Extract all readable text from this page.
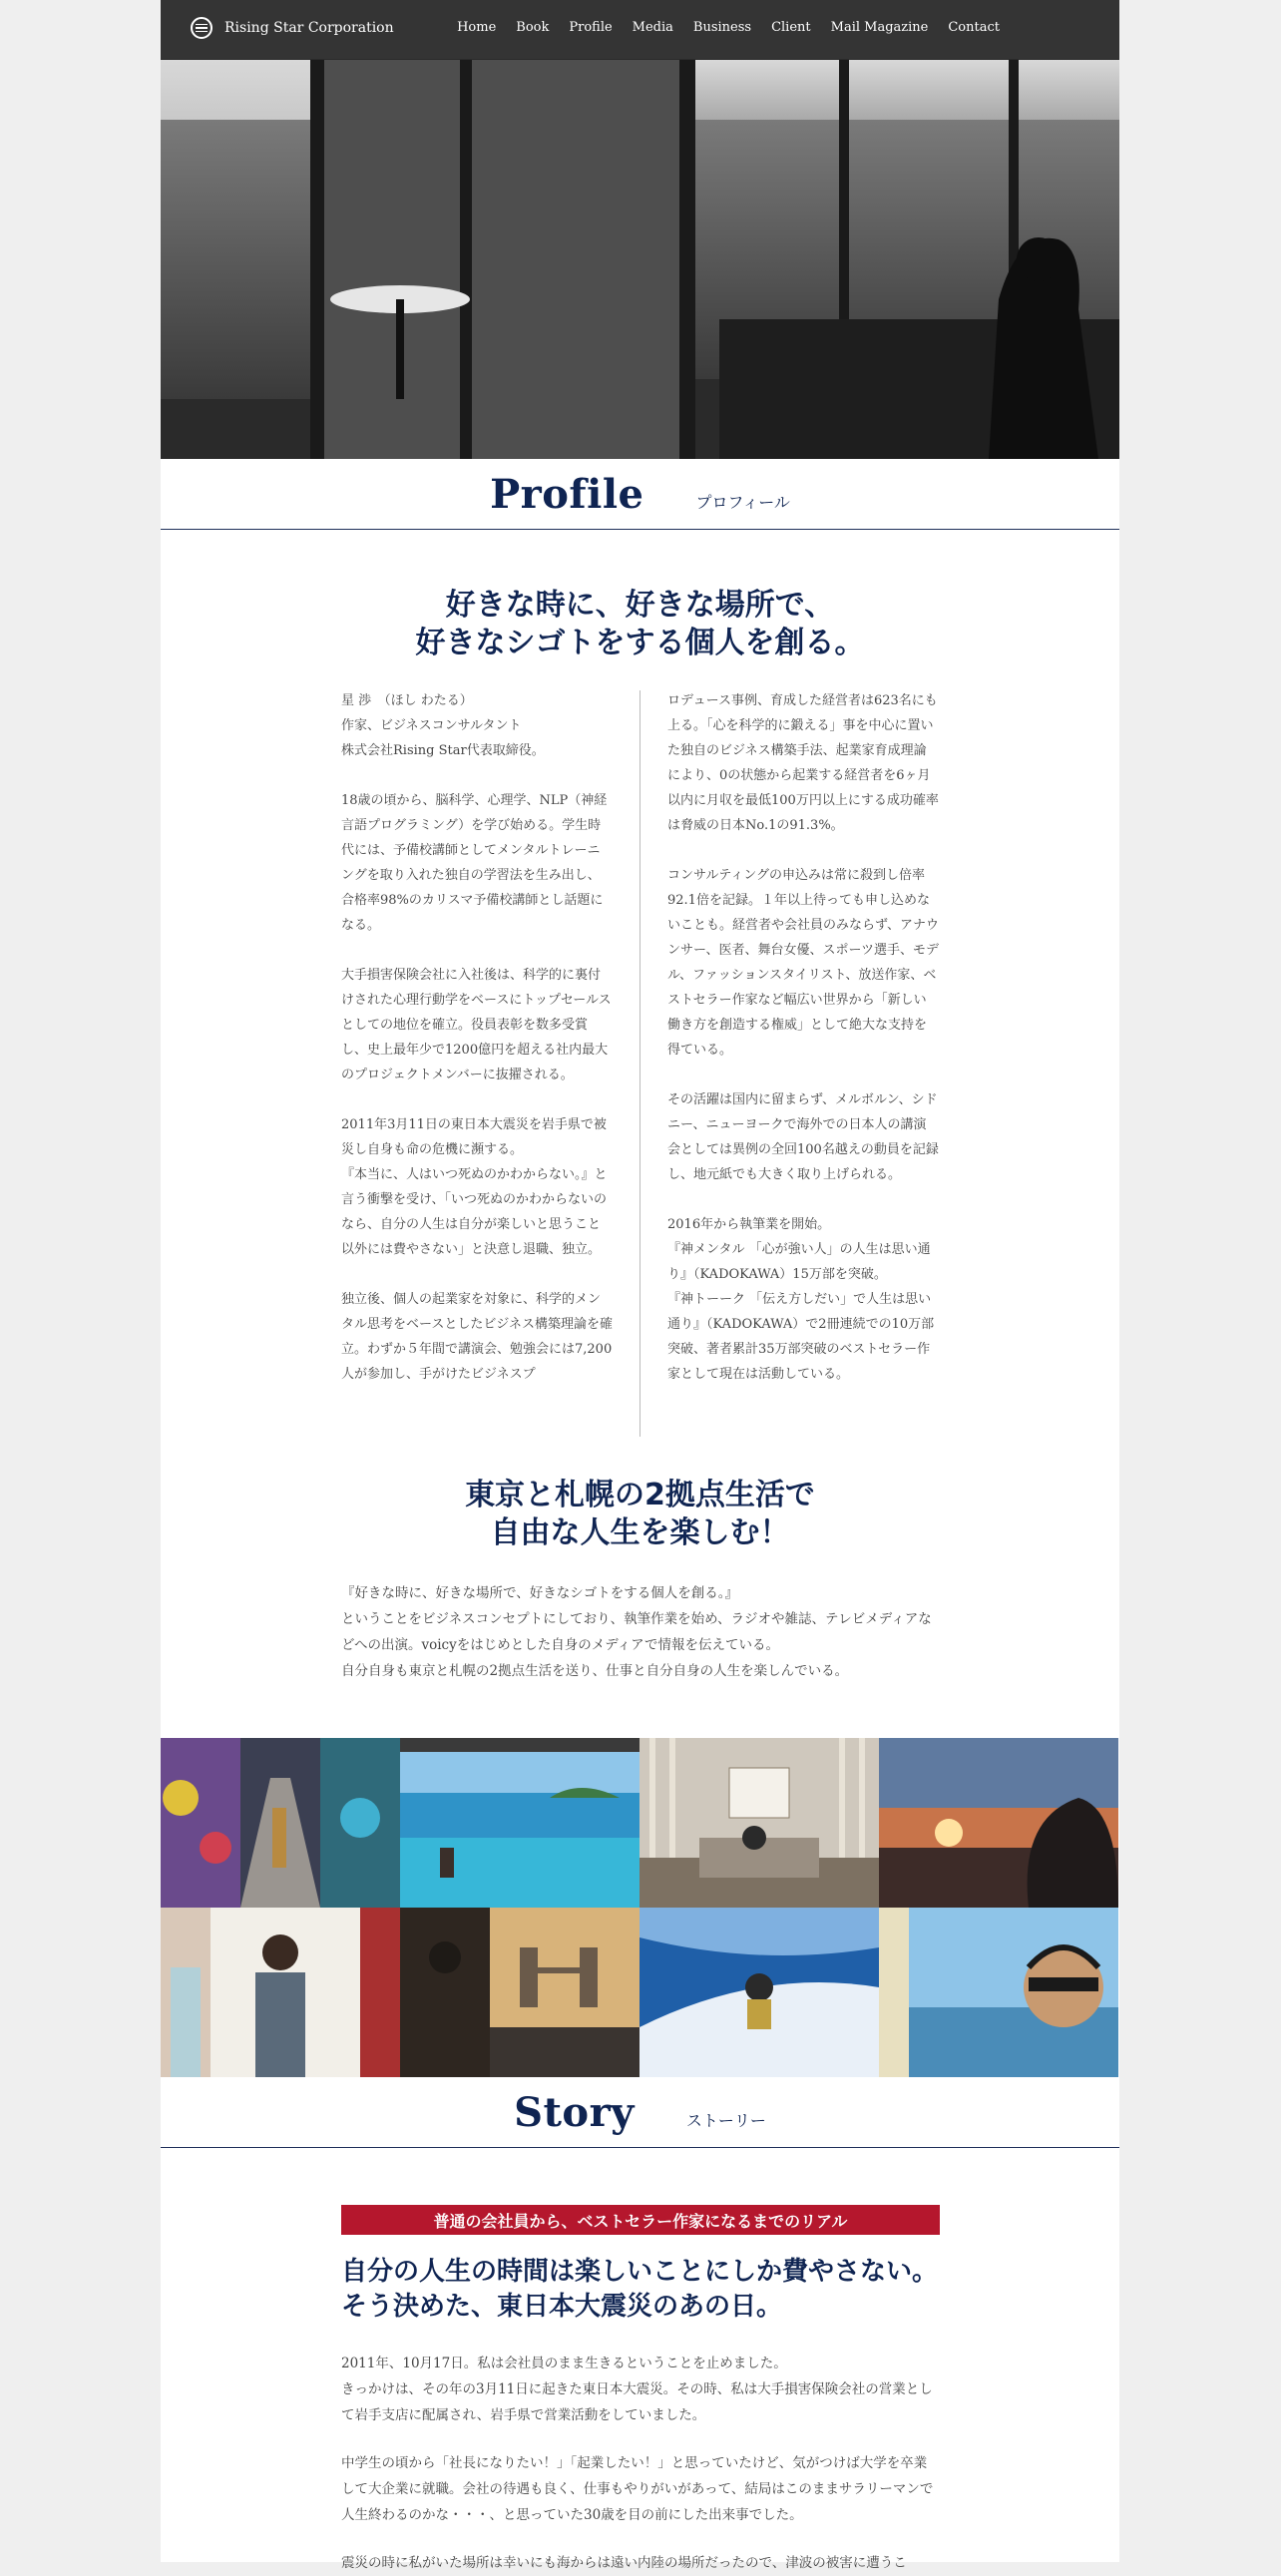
Rising Star Corporation	Home Book Profile Media Business Client Mail Magazine Contact
Profile	プロフィール
好きな時に、好きな場所で、
好きなシゴトをする個人を創る。

星 渉　（ほし わたる）
作家、ビジネスコンサルタント
株式会社Rising Star代表取締役。

18歳の頃から、脳科学、心理学、NLP（神経言語プログラミング）を学び始める。学生時代には、予備校講師としてメンタルトレーニングを取り入れた独自の学習法を生み出し、合格率98%のカリスマ予備校講師とし話題になる。

大手損害保険会社に入社後は、科学的に裏付けされた心理行動学をベースにトップセールスとしての地位を確立。役員表彰を数多受賞し、史上最年少で1200億円を超える社内最大のプロジェクトメンバーに抜擢される。

2011年3月11日の東日本大震災を岩手県で被災し自身も命の危機に瀕する。
『本当に、人はいつ死ぬのかわからない。』と言う衝撃を受け、「いつ死ぬのかわからないのなら、自分の人生は自分が楽しいと思うこと以外には費やさない」と決意し退職、独立。

独立後、個人の起業家を対象に、科学的メンタル思考をベースとしたビジネス構築理論を確立。わずか５年間で講演会、勉強会には7,200人が参加し、手がけたビジネスプ

ロデュース事例、育成した経営者は623名にも上る。「心を科学的に鍛える」事を中心に置いた独自のビジネス構築手法、起業家育成理論により、0の状態から起業する経営者を6ヶ月以内に月収を最低100万円以上にする成功確率は脅威の日本No.1の91.3%。

コンサルティングの申込みは常に殺到し倍率92.1倍を記録。１年以上待っても申し込めないことも。経営者や会社員のみならず、アナウンサー、医者、舞台女優、スポーツ選手、モデル、ファッションスタイリスト、放送作家、ベストセラー作家など幅広い世界から「新しい働き方を創造する権威」として絶大な支持を得ている。

その活躍は国内に留まらず、メルボルン、シドニー、ニューヨークで海外での日本人の講演会としては異例の全回100名越えの動員を記録し、地元紙でも大きく取り上げられる。

2016年から執筆業を開始。
『神メンタル 「心が強い人」の人生は思い通り』（KADOKAWA）15万部を突破。
『神トーーク 「伝え方しだい」で人生は思い通り』（KADOKAWA）で2冊連続での10万部突破、著者累計35万部突破のベストセラー作家として現在は活動している。

東京と札幌の2拠点生活で
自由な人生を楽しむ！
『好きな時に、好きな場所で、好きなシゴトをする個人を創る。』
ということをビジネスコンセプトにしており、執筆作業を始め、ラジオや雑誌、テレビメディアなどへの出演。voicyをはじめとした自身のメディアで情報を伝えている。
自分自身も東京と札幌の2拠点生活を送り、仕事と自分自身の人生を楽しんでいる。
Story	ストーリー
普通の会社員から、ベストセラー作家になるまでのリアル
自分の人生の時間は楽しいことにしか費やさない。
そう決めた、東日本大震災のあの日。
2011年、10月17日。私は会社員のまま生きるということを止めました。
きっかけは、その年の3月11日に起きた東日本大震災。その時、私は大手損害保険会社の営業として岩手支店に配属され、岩手県で営業活動をしていました。
中学生の頃から「社長になりたい！」「起業したい！」と思っていたけど、気がつけば大学を卒業して大企業に就職。会社の待遇も良く、仕事もやりがいがあって、結局はこのままサラリーマンで人生終わるのかな・・・、と思っていた30歳を目の前にした出来事でした。
震災の時に私がいた場所は幸いにも海からは遠い内陸の場所だったので、津波の被害に遭うこ
